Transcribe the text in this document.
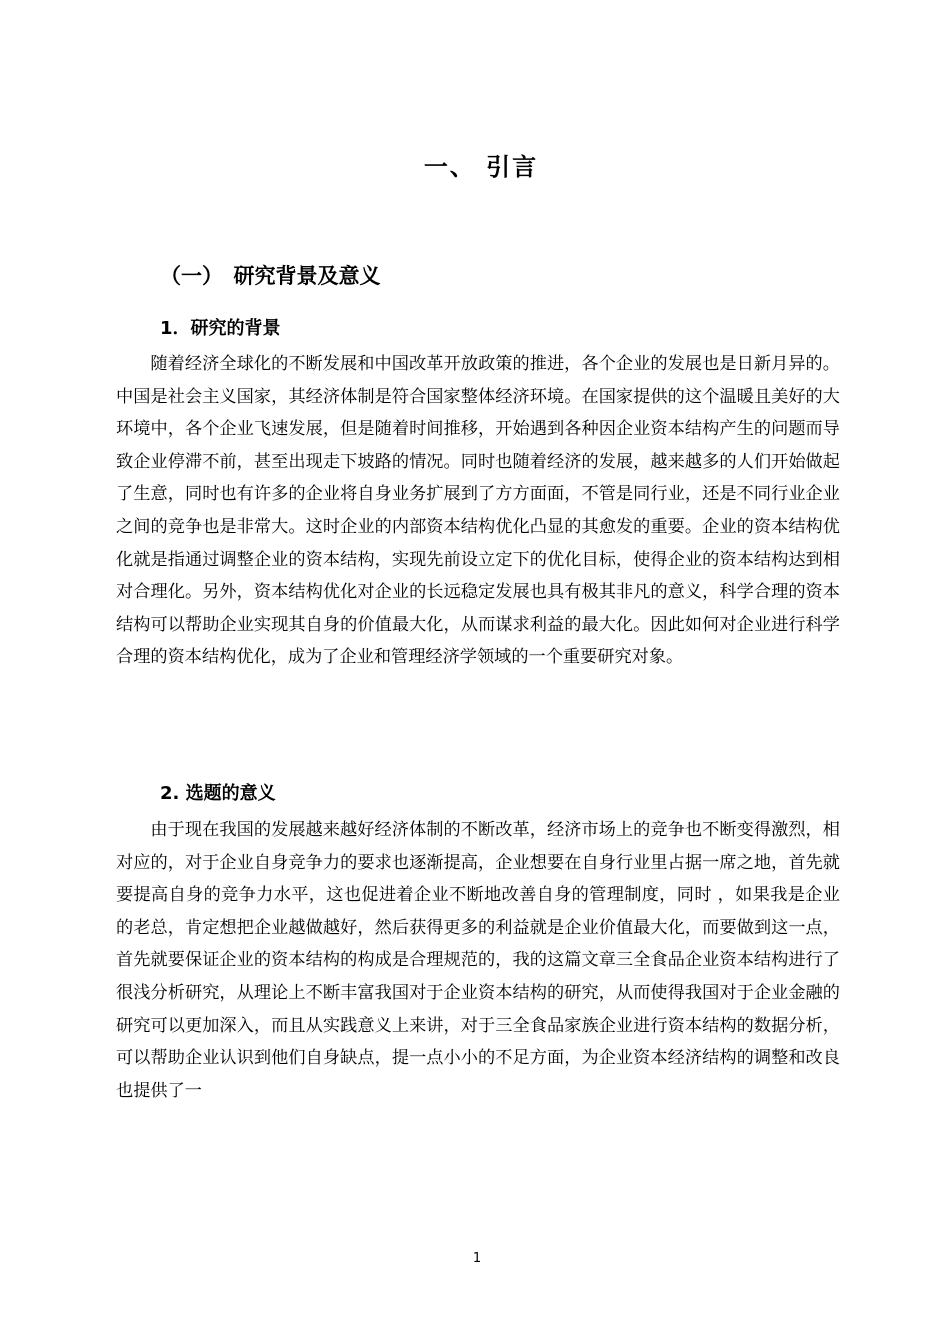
一、 引言
（一）　研究背景及意义
1．研究的背景

随着经济全球化的不断发展和中国改革开放政策的推进，各个企业的发展也是日新月异的。中国是社会主义国家，其经济体制是符合国家整体经济环境。在国家提供的这个温暖且美好的大环境中，各个企业飞速发展，但是随着时间推移，开始遇到各种因企业资本结构产生的问题而导致企业停滞不前，甚至出现走下坡路的情况。同时也随着经济的发展，越来越多的人们开始做起了生意，同时也有许多的企业将自身业务扩展到了方方面面，不管是同行业，还是不同行业企业之间的竞争也是非常大。这时企业的内部资本结构优化凸显的其愈发的重要。企业的资本结构优化就是指通过调整企业的资本结构，实现先前设立定下的优化目标，使得企业的资本结构达到相对合理化。另外，资本结构优化对企业的长远稳定发展也具有极其非凡的意义，科学合理的资本结构可以帮助企业实现其自身的价值最大化，从而谋求利益的最大化。因此如何对企业进行科学合理的资本结构优化，成为了企业和管理经济学领域的一个重要研究对象。

2. 选题的意义

由于现在我国的发展越来越好经济体制的不断改革，经济市场上的竞争也不断变得激烈，相对应的，对于企业自身竞争力的要求也逐渐提高，企业想要在自身行业里占据一席之地，首先就要提高自身的竞争力水平，这也促进着企业不断地改善自身的管理制度，同时 ，如果我是企业的老总，肯定想把企业越做越好，然后获得更多的利益就是企业价值最大化，而要做到这一点，首先就要保证企业的资本结构的构成是合理规范的，我的这篇文章三全食品企业资本结构进行了很浅分析研究，从理论上不断丰富我国对于企业资本结构的研究，从而使得我国对于企业金融的研究可以更加深入，而且从实践意义上来讲，对于三全食品家族企业进行资本结构的数据分析，可以帮助企业认识到他们自身缺点，提一点小小的不足方面，为企业资本经济结构的调整和改良也提供了一

1
